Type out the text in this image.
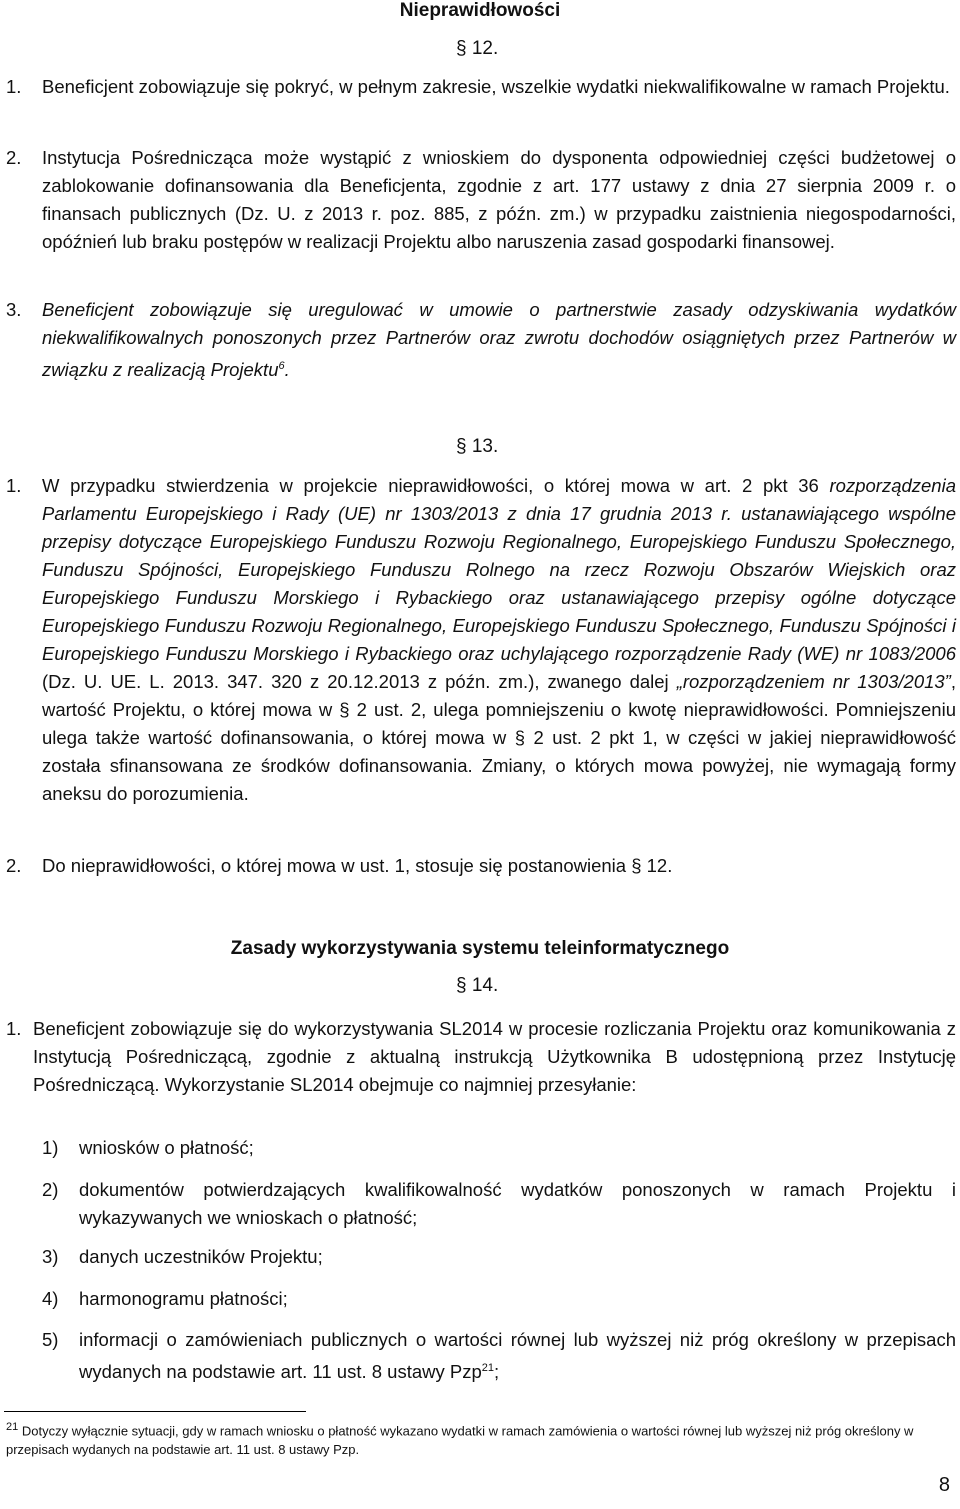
Nieprawidłowości
§ 12.
1. Beneficjent zobowiązuje się pokryć, w pełnym zakresie, wszelkie wydatki niekwalifikowalne w ramach Projektu.
2. Instytucja Pośrednicząca może wystąpić z wnioskiem do dysponenta odpowiedniej części budżetowej o zablokowanie dofinansowania dla Beneficjenta, zgodnie z art. 177 ustawy z dnia 27 sierpnia 2009 r. o finansach publicznych (Dz. U. z 2013 r. poz. 885, z późn. zm.) w przypadku zaistnienia niegospodarności, opóźnień lub braku postępów w realizacji Projektu albo naruszenia zasad gospodarki finansowej.
3. Beneficjent zobowiązuje się uregulować w umowie o partnerstwie zasady odzyskiwania wydatków niekwalifikowalnych ponoszonych przez Partnerów oraz zwrotu dochodów osiągniętych przez Partnerów w związku z realizacją Projektu$^6$.
§ 13.
1. W przypadku stwierdzenia w projekcie nieprawidłowości, o której mowa w art. 2 pkt 36 rozporządzenia Parlamentu Europejskiego i Rady (UE) nr 1303/2013 z dnia 17 grudnia 2013 r. ustanawiającego wspólne przepisy dotyczące Europejskiego Funduszu Rozwoju Regionalnego, Europejskiego Funduszu Społecznego, Funduszu Spójności, Europejskiego Funduszu Rolnego na rzecz Rozwoju Obszarów Wiejskich oraz Europejskiego Funduszu Morskiego i Rybackiego oraz ustanawiającego przepisy ogólne dotyczące Europejskiego Funduszu Rozwoju Regionalnego, Europejskiego Funduszu Społecznego, Funduszu Spójności i Europejskiego Funduszu Morskiego i Rybackiego oraz uchylającego rozporządzenie Rady (WE) nr 1083/2006 (Dz. U. UE. L. 2013. 347. 320 z 20.12.2013 z późn. zm.), zwanego dalej „rozporządzeniem nr 1303/2013”, wartość Projektu, o której mowa w § 2 ust. 2, ulega pomniejszeniu o kwotę nieprawidłowości. Pomniejszeniu ulega także wartość dofinansowania, o której mowa w § 2 ust. 2 pkt 1, w części w jakiej nieprawidłowość została sfinansowana ze środków dofinansowania. Zmiany, o których mowa powyżej, nie wymagają formy aneksu do porozumienia.
2. Do nieprawidłowości, o której mowa w ust. 1, stosuje się postanowienia § 12.
Zasady wykorzystywania systemu teleinformatycznego
§ 14.
1. Beneficjent zobowiązuje się do wykorzystywania SL2014 w procesie rozliczania Projektu oraz komunikowania z Instytucją Pośredniczącą, zgodnie z aktualną instrukcją Użytkownika B udostępnioną przez Instytucję Pośredniczącą. Wykorzystanie SL2014 obejmuje co najmniej przesyłanie:
1) wniosków o płatność;
2) dokumentów potwierdzających kwalifikowalność wydatków ponoszonych w ramach Projektu i wykazywanych we wnioskach o płatność;
3) danych uczestników Projektu;
4) harmonogramu płatności;
5) informacji o zamówieniach publicznych o wartości równej lub wyższej niż próg określony w przepisach wydanych na podstawie art. 11 ust. 8 ustawy Pzp$^{21}$;
$^{21}$ Dotyczy wyłącznie sytuacji, gdy w ramach wniosku o płatność wykazano wydatki w ramach zamówienia o wartości równej lub wyższej niż próg określony w przepisach wydanych na podstawie art. 11 ust. 8 ustawy Pzp.
8
